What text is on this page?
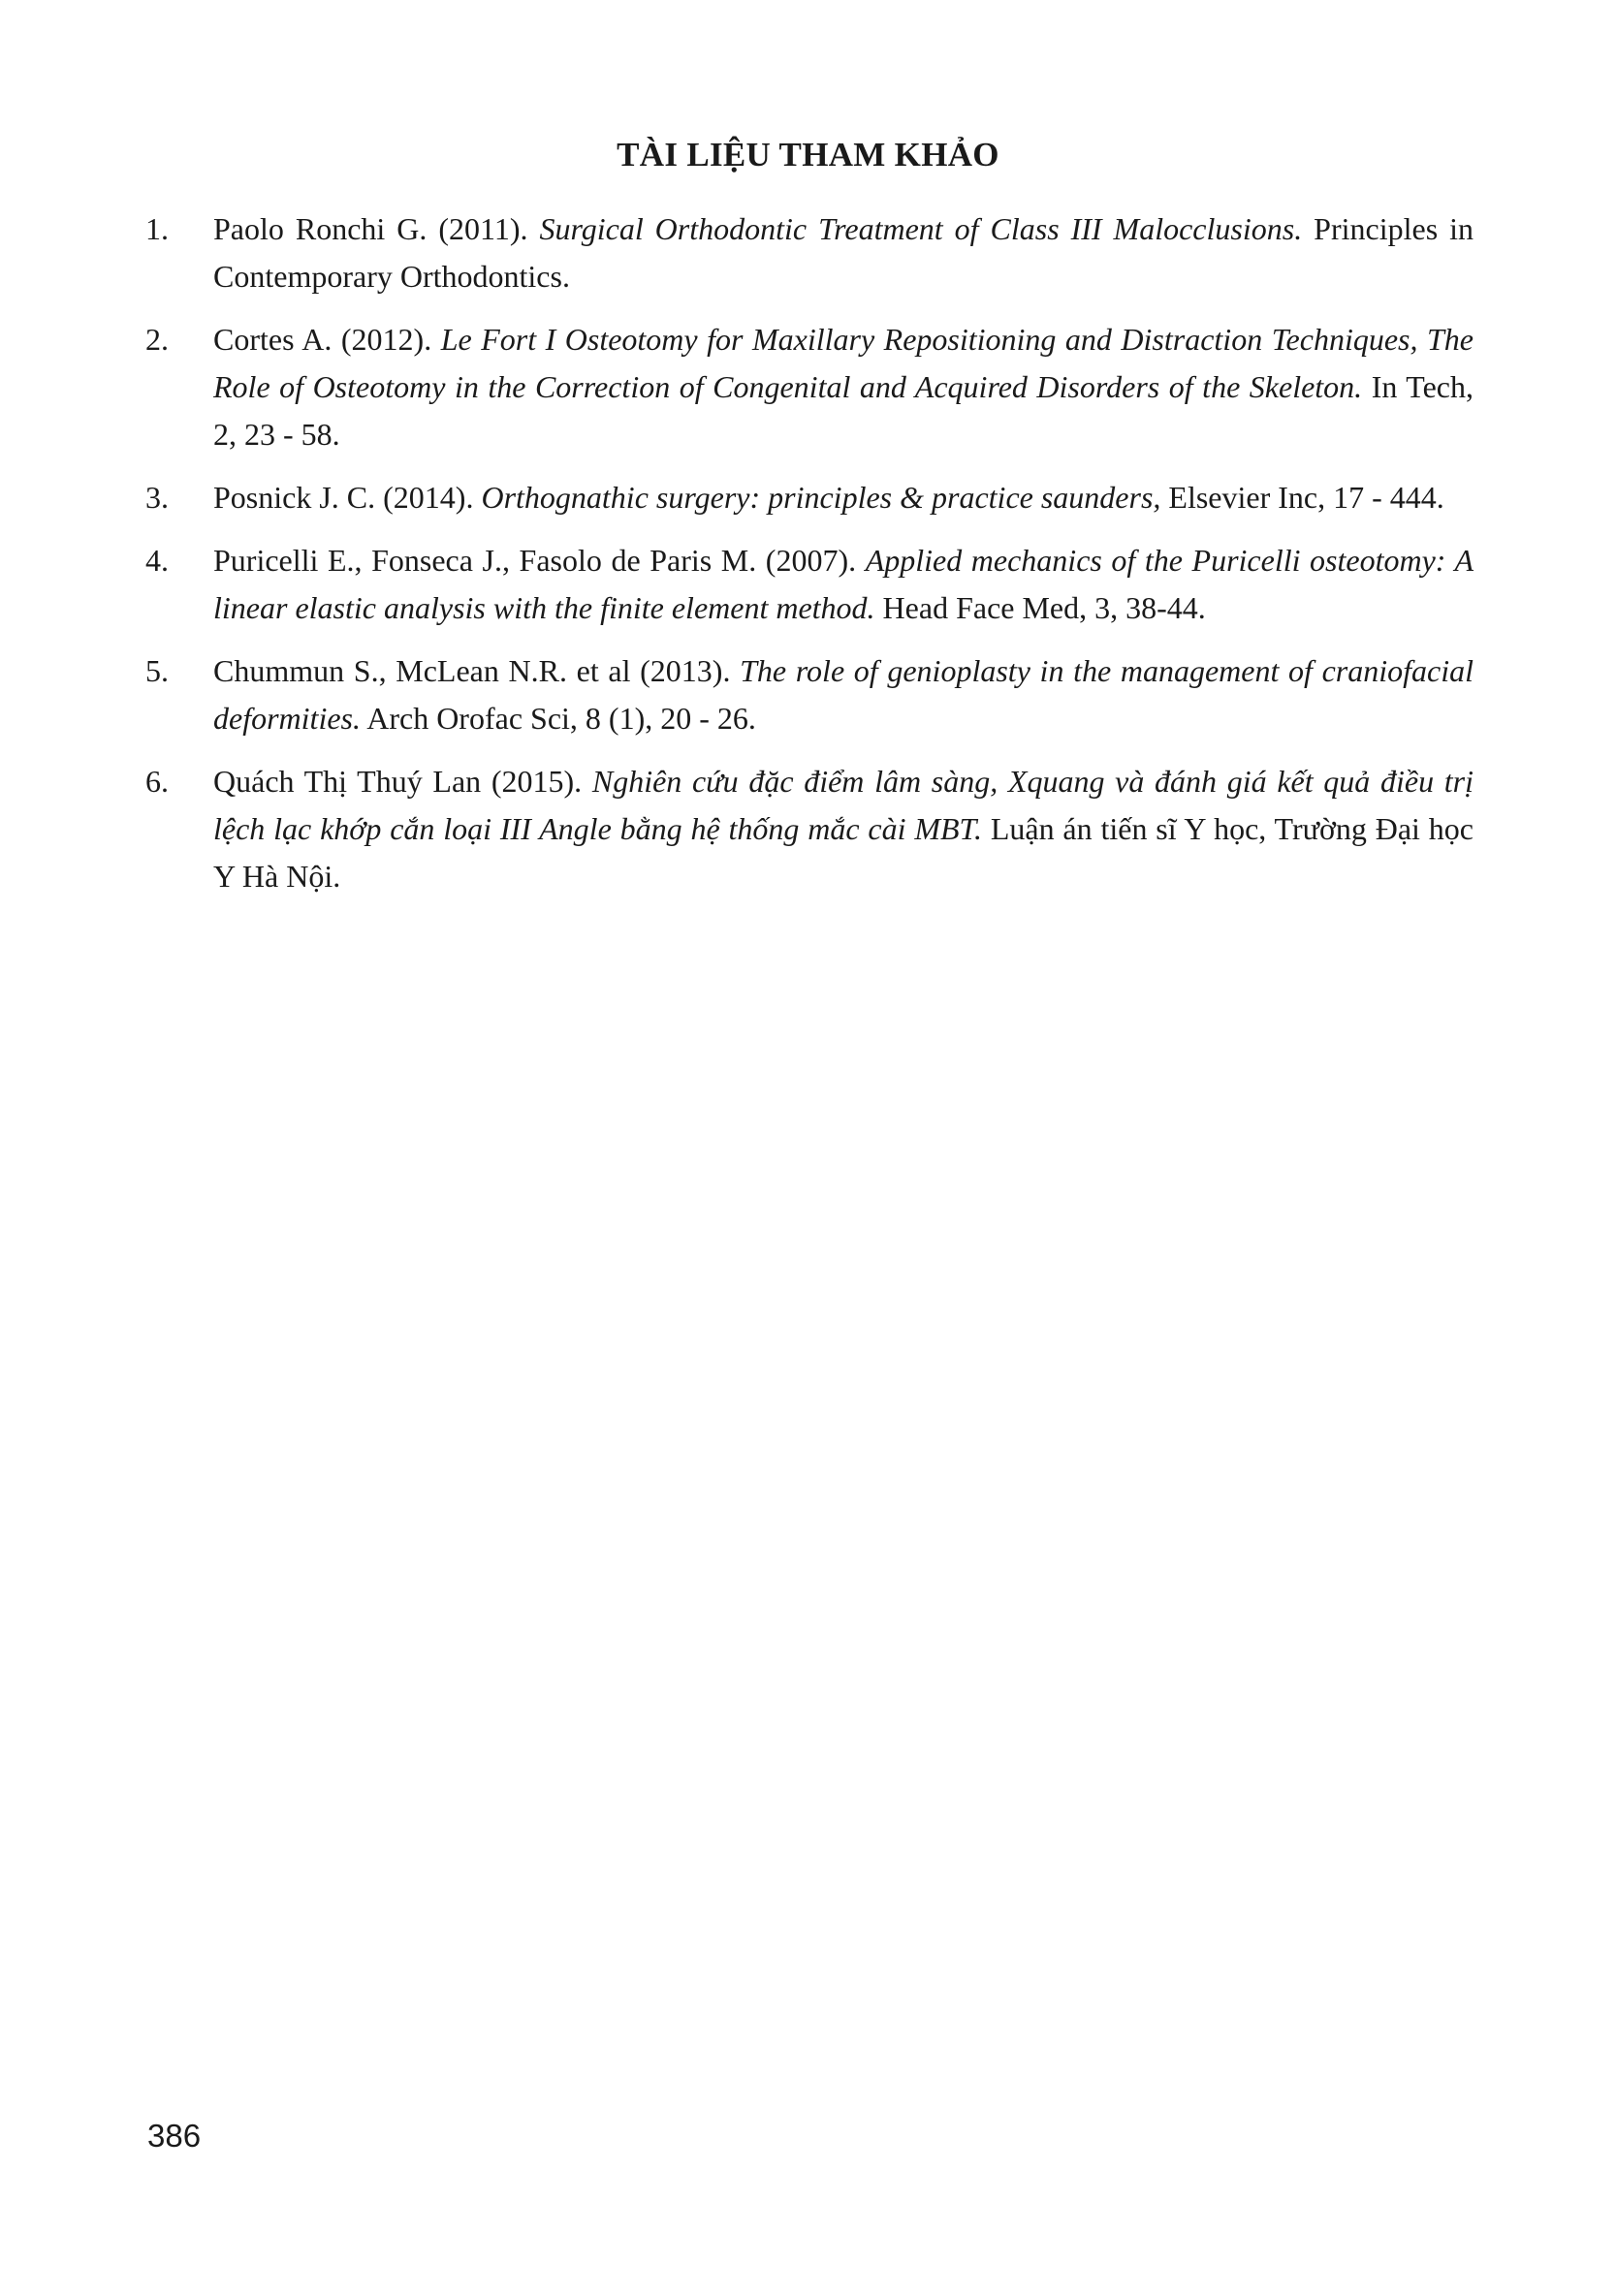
TÀI LIỆU THAM KHẢO
1.	Paolo Ronchi G. (2011). Surgical Orthodontic Treatment of Class III Malocclusions. Principles in Contemporary Orthodontics.
2.	Cortes A. (2012). Le Fort I Osteotomy for Maxillary Repositioning and Distraction Techniques, The Role of Osteotomy in the Correction of Congenital and Acquired Disorders of the Skeleton. In Tech, 2, 23 - 58.
3.	Posnick J. C. (2014). Orthognathic surgery: principles & practice saunders, Elsevier Inc, 17 - 444.
4.	Puricelli E., Fonseca J., Fasolo de Paris M. (2007). Applied mechanics of the Puricelli osteotomy: A linear elastic analysis with the finite element method. Head Face Med, 3, 38-44.
5.	Chummun S., McLean N.R. et al (2013). The role of genioplasty in the management of craniofacial deformities. Arch Orofac Sci, 8 (1), 20 - 26.
6.	Quách Thị Thuý Lan (2015). Nghiên cứu đặc điểm lâm sàng, Xquang và đánh giá kết quả điều trị lệch lạc khớp cắn loại III Angle bằng hệ thống mắc cài MBT. Luận án tiến sĩ Y học, Trường Đại học Y Hà Nội.

386
